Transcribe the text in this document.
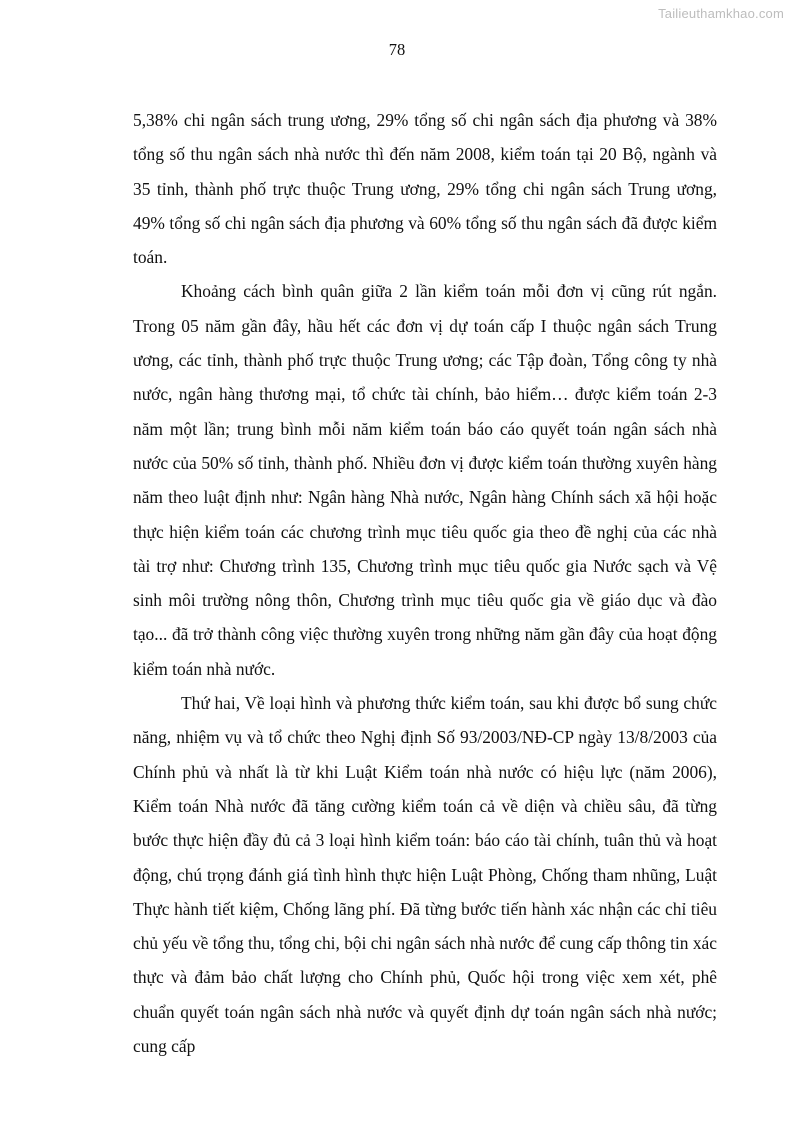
Tailieuthamkhao.com
78

5,38% chi ngân sách trung ương, 29% tổng số chi ngân sách địa phương và 38% tổng số thu ngân sách nhà nước thì đến năm 2008, kiểm toán tại 20 Bộ, ngành và 35 tỉnh, thành phố trực thuộc Trung ương, 29% tổng chi ngân sách Trung ương, 49% tổng số chi ngân sách địa phương và 60% tổng số thu ngân sách đã được kiểm toán.

Khoảng cách bình quân giữa 2 lần kiểm toán mỗi đơn vị cũng rút ngắn. Trong 05 năm gần đây, hầu hết các đơn vị dự toán cấp I thuộc ngân sách Trung ương, các tỉnh, thành phố trực thuộc Trung ương; các Tập đoàn, Tổng công ty nhà nước, ngân hàng thương mại, tổ chức tài chính, bảo hiểm… được kiểm toán 2-3 năm một lần; trung bình mỗi năm kiểm toán báo cáo quyết toán ngân sách nhà nước của 50% số tỉnh, thành phố. Nhiều đơn vị được kiểm toán thường xuyên hàng năm theo luật định như: Ngân hàng Nhà nước, Ngân hàng Chính sách xã hội hoặc thực hiện kiểm toán các chương trình mục tiêu quốc gia theo đề nghị của các nhà tài trợ như: Chương trình 135, Chương trình mục tiêu quốc gia Nước sạch và Vệ sinh môi trường nông thôn, Chương trình mục tiêu quốc gia về giáo dục và đào tạo... đã trở thành công việc thường xuyên trong những năm gần đây của hoạt động kiểm toán nhà nước.

Thứ hai, Về loại hình và phương thức kiểm toán, sau khi được bổ sung chức năng, nhiệm vụ và tổ chức theo Nghị định Số 93/2003/NĐ-CP ngày 13/8/2003 của Chính phủ và nhất là từ khi Luật Kiểm toán nhà nước có hiệu lực (năm 2006), Kiểm toán Nhà nước đã tăng cường kiểm toán cả về diện và chiều sâu, đã từng bước thực hiện đầy đủ cả 3 loại hình kiểm toán: báo cáo tài chính, tuân thủ và hoạt động, chú trọng đánh giá tình hình thực hiện Luật Phòng, Chống tham nhũng, Luật Thực hành tiết kiệm, Chống lãng phí. Đã từng bước tiến hành xác nhận các chỉ tiêu chủ yếu về tổng thu, tổng chi, bội chi ngân sách nhà nước để cung cấp thông tin xác thực và đảm bảo chất lượng cho Chính phủ, Quốc hội trong việc xem xét, phê chuẩn quyết toán ngân sách nhà nước và quyết định dự toán ngân sách nhà nước; cung cấp
